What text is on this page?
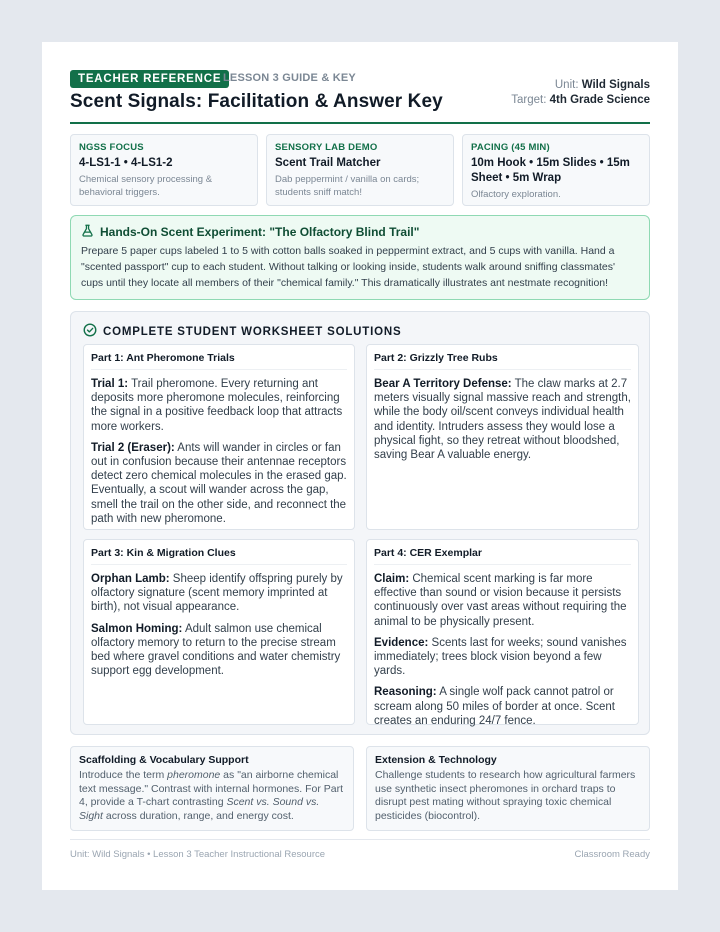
TEACHER REFERENCE LESSON 3 GUIDE & KEY
Scent Signals: Facilitation & Answer Key
Unit: Wild Signals
Target: 4th Grade Science
NGSS FOCUS
4-LS1-1 • 4-LS1-2
Chemical sensory processing & behavioral triggers.
SENSORY LAB DEMO
Scent Trail Matcher
Dab peppermint / vanilla on cards; students sniff match!
PACING (45 MIN)
10m Hook • 15m Slides • 15m Sheet • 5m Wrap
Olfactory exploration.
Hands-On Scent Experiment: "The Olfactory Blind Trail"
Prepare 5 paper cups labeled 1 to 5 with cotton balls soaked in peppermint extract, and 5 cups with vanilla. Hand a "scented passport" cup to each student. Without talking or looking inside, students walk around sniffing classmates' cups until they locate all members of their "chemical family." This dramatically illustrates ant nestmate recognition!
COMPLETE STUDENT WORKSHEET SOLUTIONS
Part 1: Ant Pheromone Trials

Trial 1: Trail pheromone. Every returning ant deposits more pheromone molecules, reinforcing the signal in a positive feedback loop that attracts more workers.

Trial 2 (Eraser): Ants will wander in circles or fan out in confusion because their antennae receptors detect zero chemical molecules in the erased gap. Eventually, a scout will wander across the gap, smell the trail on the other side, and reconnect the path with new pheromone.

Part 2: Grizzly Tree Rubs

Bear A Territory Defense: The claw marks at 2.7 meters visually signal massive reach and strength, while the body oil/scent conveys individual health and identity. Intruders assess they would lose a physical fight, so they retreat without bloodshed, saving Bear A valuable energy.

Part 3: Kin & Migration Clues

Orphan Lamb: Sheep identify offspring purely by olfactory signature (scent memory imprinted at birth), not visual appearance.

Salmon Homing: Adult salmon use chemical olfactory memory to return to the precise stream bed where gravel conditions and water chemistry support egg development.

Part 4: CER Exemplar

Claim: Chemical scent marking is far more effective than sound or vision because it persists continuously over vast areas without requiring the animal to be physically present.

Evidence: Scents last for weeks; sound vanishes immediately; trees block vision beyond a few yards.

Reasoning: A single wolf pack cannot patrol or scream along 50 miles of border at once. Scent creates an enduring 24/7 fence.

Scaffolding & Vocabulary Support
Introduce the term pheromone as "an airborne chemical text message." Contrast with internal hormones. For Part 4, provide a T-chart contrasting Scent vs. Sound vs. Sight across duration, range, and energy cost.
Extension & Technology
Challenge students to research how agricultural farmers use synthetic insect pheromones in orchard traps to disrupt pest mating without spraying toxic chemical pesticides (biocontrol).
Unit: Wild Signals • Lesson 3 Teacher Instructional Resource	Classroom Ready
